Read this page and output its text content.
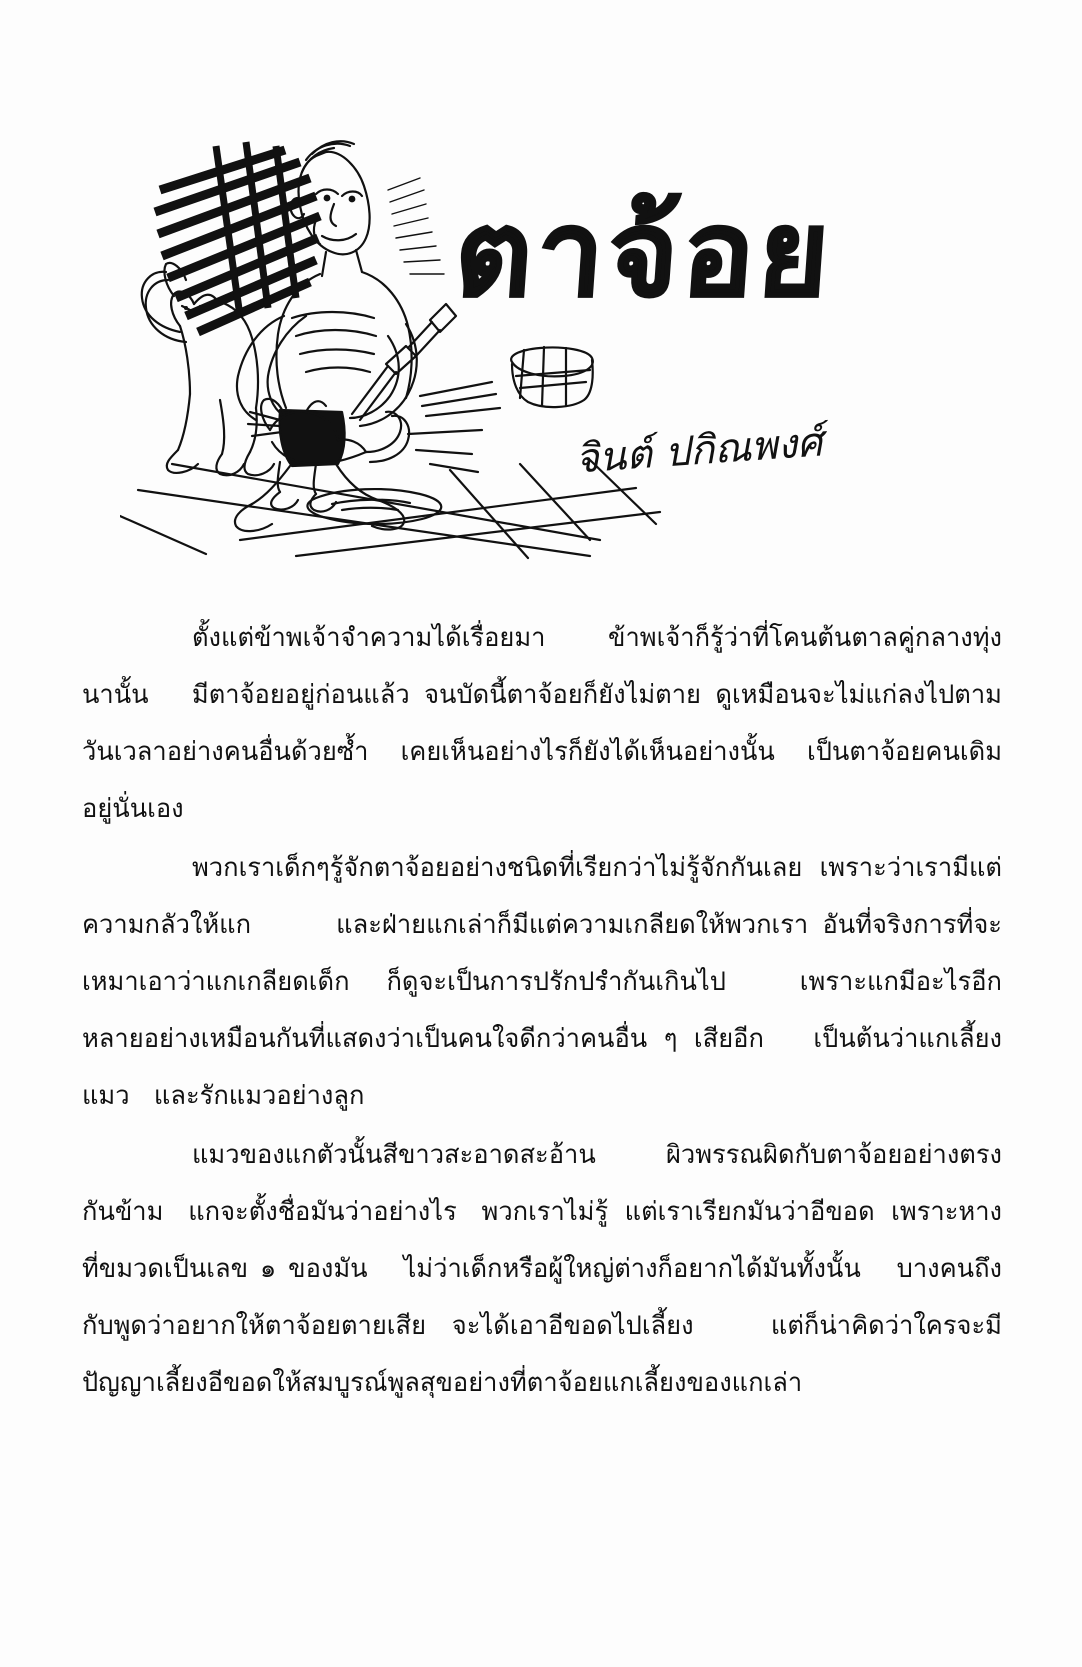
ตาจ้อย
จินต์ ปกิณพงศ์

ตั้งแต่ข้าพเจ้าจำความได้เรื่อยมา      ข้าพเจ้าก็รู้ว่าที่โคนต้นตาลคู่กลางทุ่งนานั้น   มีตาจ้อยอยู่ก่อนแล้ว จนบัดนี้ตาจ้อยก็ยังไม่ตาย ดูเหมือนจะไม่แก่ลงไปตามวันเวลาอย่างคนอื่นด้วยซ้ำ   เคยเห็นอย่างไรก็ยังได้เห็นอย่างนั้น   เป็นตาจ้อยคนเดิมอยู่นั่นเอง

พวกเราเด็กๆรู้จักตาจ้อยอย่างชนิดที่เรียกว่าไม่รู้จักกันเลย เพราะว่าเรามีแต่ความกลัวให้แก      และฝ่ายแกเล่าก็มีแต่ความเกลียดให้พวกเรา อันที่จริงการที่จะเหมาเอาว่าแกเกลียดเด็ก   ก็ดูจะเป็นการปรักปรำกันเกินไป      เพราะแกมีอะไรอีกหลายอย่างเหมือนกันที่แสดงว่าเป็นคนใจดีกว่าคนอื่น ๆ เสียอีก   เป็นต้นว่าแกเลี้ยงแมว   และรักแมวอย่างลูก

แมวของแกตัวนั้นสีขาวสะอาดสะอ้าน      ผิวพรรณผิดกับตาจ้อยอย่างตรงกันข้าม   แกจะตั้งชื่อมันว่าอย่างไร   พวกเราไม่รู้  แต่เราเรียกมันว่าอีขอด  เพราะหางที่ขมวดเป็นเลข ๑ ของมัน   ไม่ว่าเด็กหรือผู้ใหญ่ต่างก็อยากได้มันทั้งนั้น   บางคนถึงกับพูดว่าอยากให้ตาจ้อยตายเสีย  จะได้เอาอีขอดไปเลี้ยง      แต่ก็น่าคิดว่าใครจะมีปัญญาเลี้ยงอีขอดให้สมบูรณ์พูลสุขอย่างที่ตาจ้อยแกเลี้ยงของแกเล่า
